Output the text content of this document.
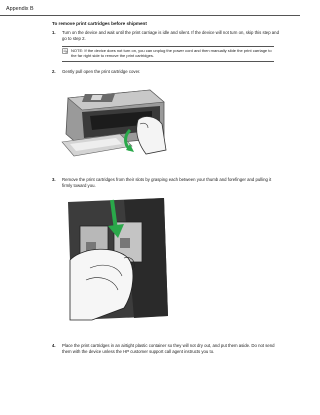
Appendix B
To remove print cartridges before shipment
1. Turn on the device and wait until the print carriage is idle and silent. If the device will not turn on, skip this step and go to step 2.
NOTE: If the device does not turn on, you can unplug the power cord and then manually slide the print carriage to the far right side to remove the print cartridges.
2. Gently pull open the print cartridge cover.
3. Remove the print cartridges from their slots by grasping each between your thumb and forefinger and pulling it firmly toward you.
4. Place the print cartridges in an airtight plastic container so they will not dry out, and put them aside. Do not send them with the device unless the HP customer support call agent instructs you to.
